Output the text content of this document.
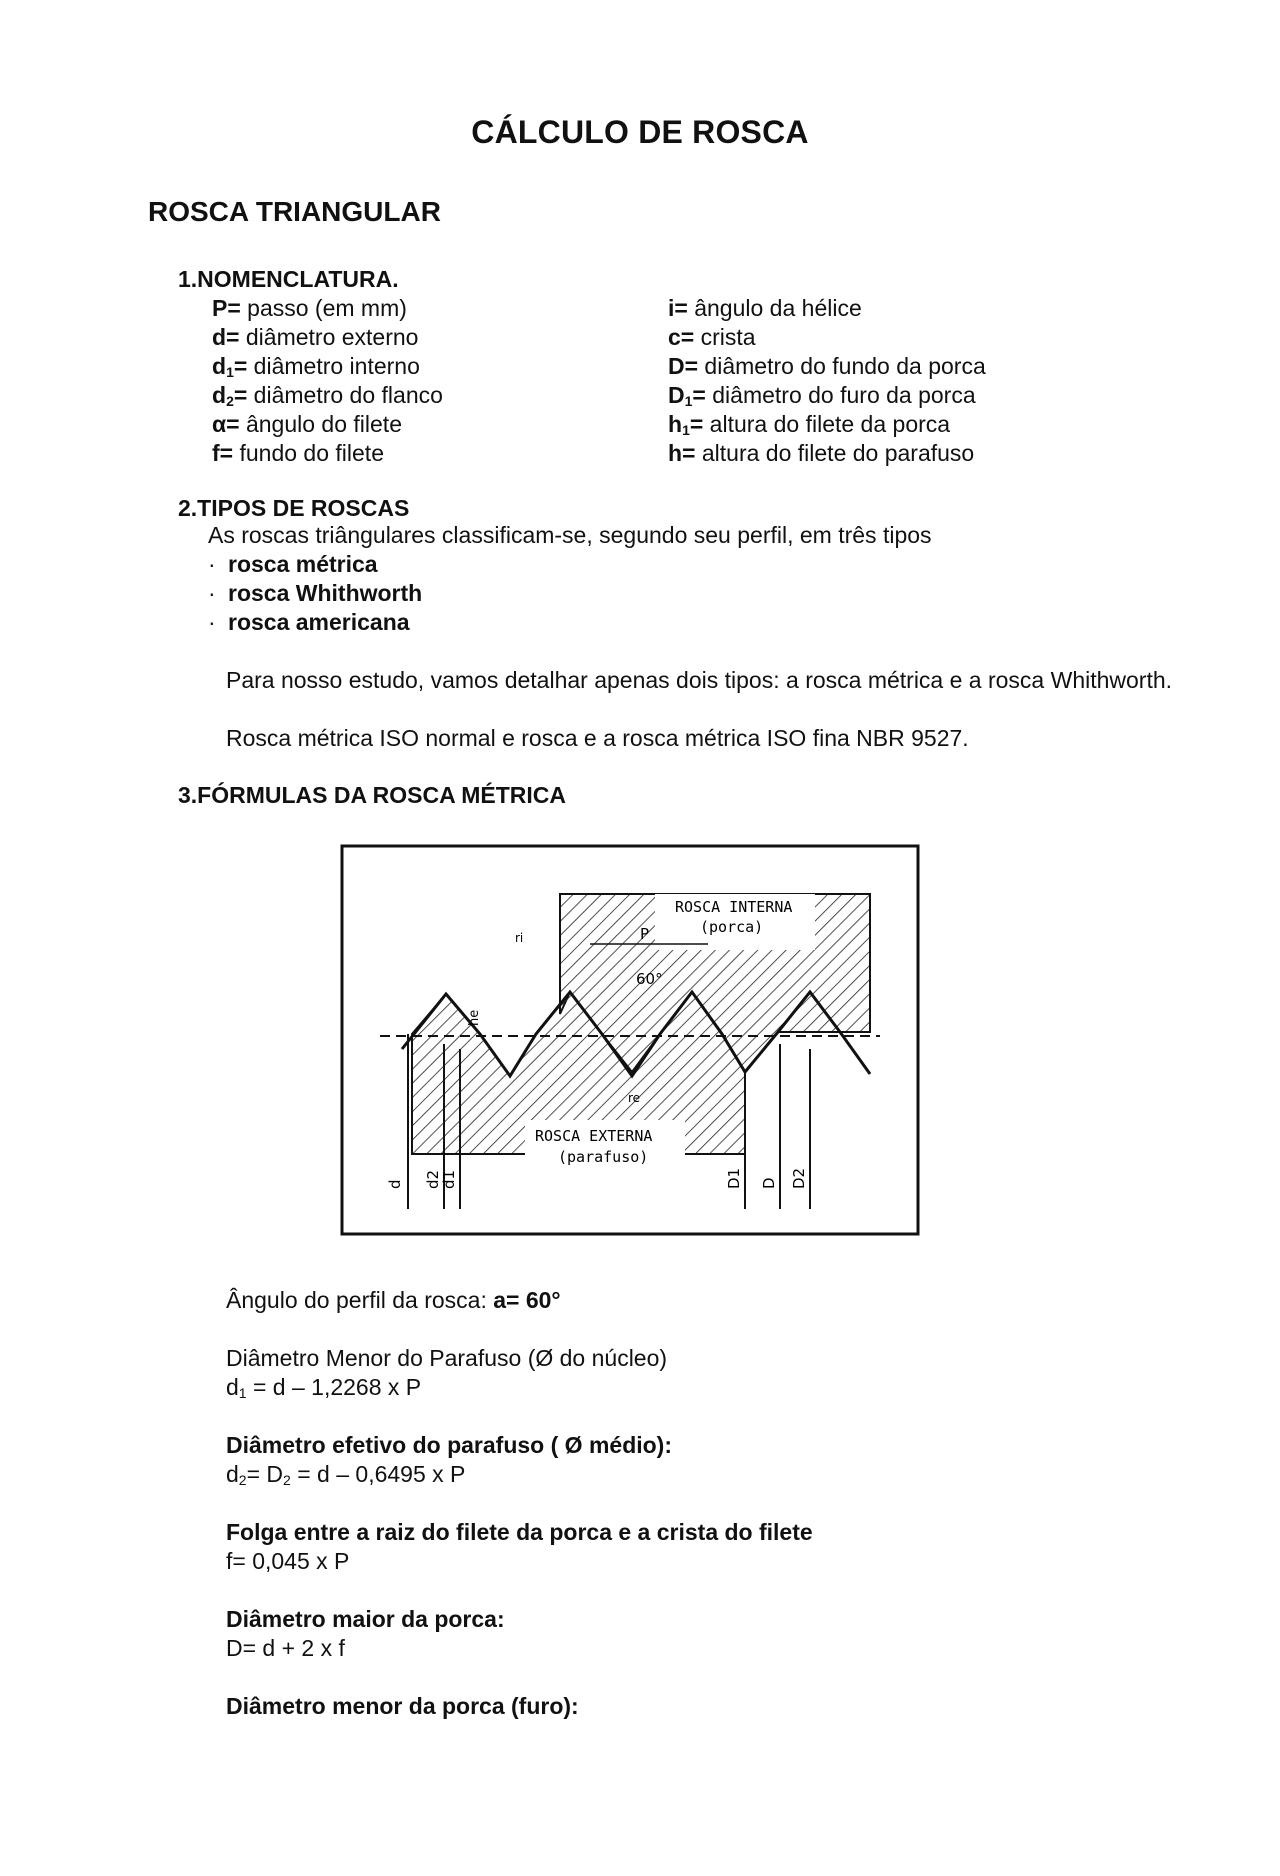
CÁLCULO DE ROSCA
ROSCA TRIANGULAR
1.NOMENCLATURA.
P= passo (em mm)
d= diâmetro externo
$d_1=$ diâmetro interno
$d_2=$ diâmetro do flanco
α= ângulo do filete
f= fundo do filete
i= ângulo da hélice
c= crista
D= diâmetro do fundo da porca
$D_1=$ diâmetro do furo da porca
$h_1=$ altura do filete da porca
h= altura do filete do parafuso
2.TIPOS DE ROSCAS
As roscas triângulares classificam-se, segundo seu perfil, em três tipos
· rosca métrica
· rosca Whithworth
· rosca americana
Para nosso estudo, vamos detalhar apenas dois tipos: a rosca métrica e a rosca Whithworth.
Rosca métrica ISO normal e rosca e a rosca métrica ISO fina NBR 9527.
3.FÓRMULAS DA ROSCA MÉTRICA
ROSCA INTERNA
(porca)
ROSCA EXTERNA
(parafuso)
60°
P
ri
re
he
d d2
d1	D1 D D2
Ângulo do perfil da rosca: a= 60°
Diâmetro Menor do Parafuso (Ø do núcleo)
$d_1 = d - 1,2268$ x P
Diâmetro efetivo do parafuso ( Ø médio):
$d_2= D_2 = d - 0,6495$ x P
Folga entre a raiz do filete da porca e a crista do filete
f= 0,045 x P
Diâmetro maior da porca:
D= d + 2 x f
Diâmetro menor da porca (furo):
